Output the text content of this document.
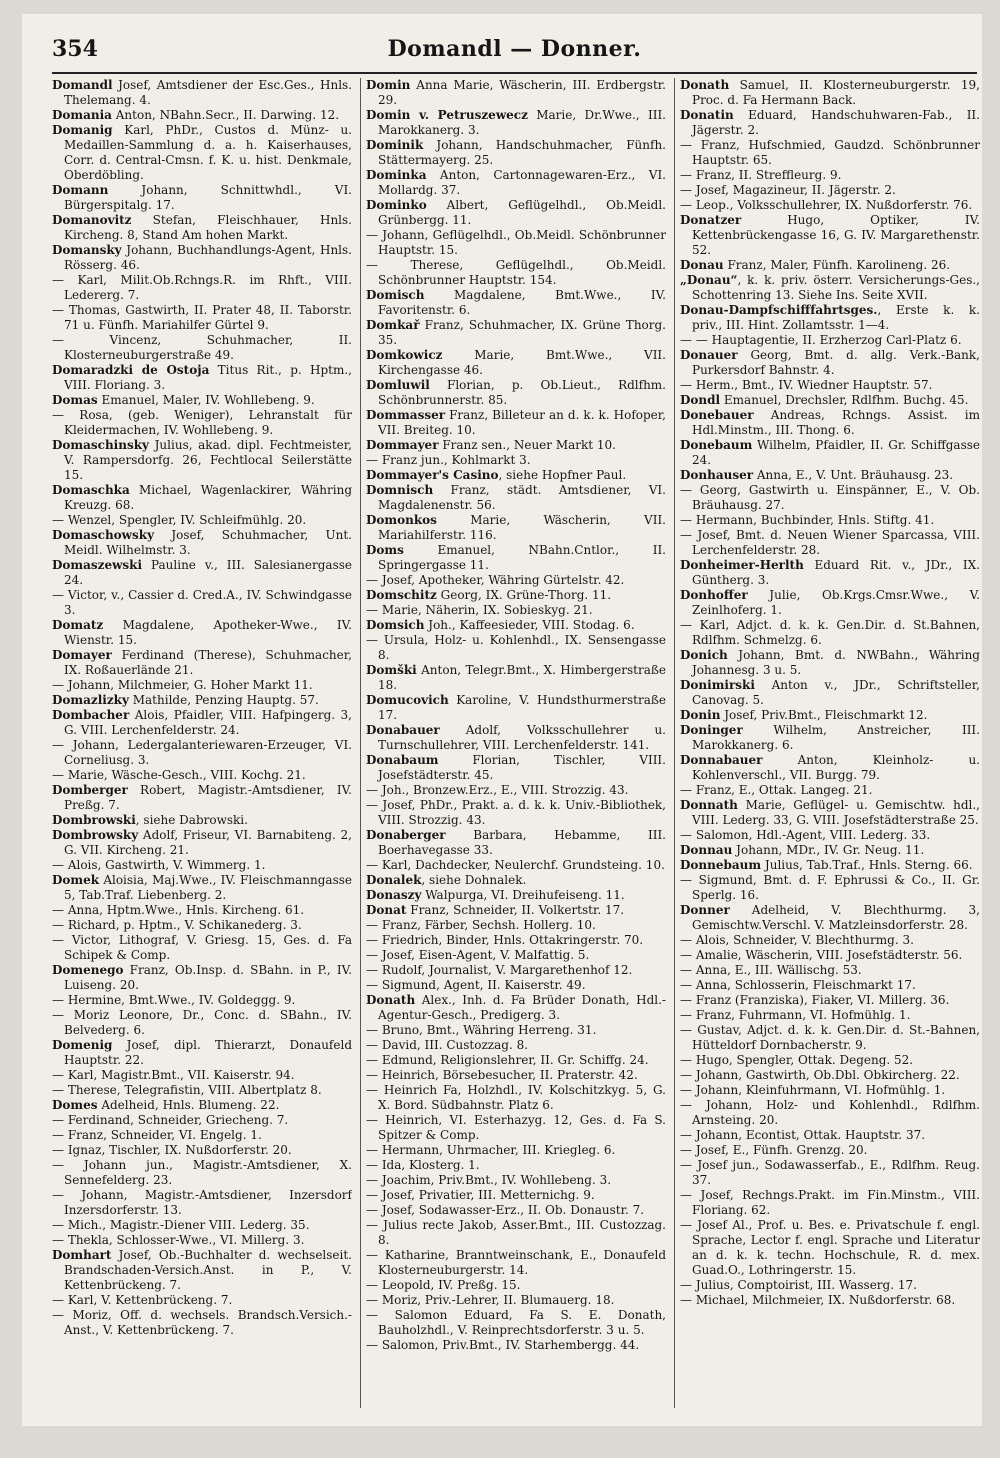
354	Domandl — Donner.

Domandl Josef, Amtsdiener der Esc.Ges., Hnls. Thelemang. 4.

Domania Anton, NBahn.Secr., II. Darwing. 12.

Domanig Karl, PhDr., Custos d. Münz- u. Medaillen-Sammlung d. a. h. Kaiserhauses, Corr. d. Central-Cmsn. f. K. u. hist. Denkmale, Oberdöbling.

Domann Johann, Schnittwhdl., VI. Bürgerspitalg. 17.

Domanovitz Stefan, Fleischhauer, Hnls. Kircheng. 8, Stand Am hohen Markt.

Domansky Johann, Buchhandlungs-Agent, Hnls. Rösserg. 46.

— Karl, Milit.Ob.Rchngs.R. im Rhft., VIII. Ledererg. 7.

— Thomas, Gastwirth, II. Prater 48, II. Taborstr. 71 u. Fünfh. Mariahilfer Gürtel 9.

— Vincenz, Schuhmacher, II. Klosterneuburgerstraße 49.

Domaradzki de Ostoja Titus Rit., p. Hptm., VIII. Floriang. 3.

Domas Emanuel, Maler, IV. Wohllebeng. 9.

— Rosa, (geb. Weniger), Lehranstalt für Kleidermachen, IV. Wohllebeng. 9.

Domaschinsky Julius, akad. dipl. Fechtmeister, V. Rampersdorfg. 26, Fechtlocal Seilerstätte 15.

Domaschka Michael, Wagenlackirer, Währing Kreuzg. 68.

— Wenzel, Spengler, IV. Schleifmühlg. 20.

Domaschowsky Josef, Schuhmacher, Unt. Meidl. Wilhelmstr. 3.

Domaszewski Pauline v., III. Salesianergasse 24.

— Victor, v., Cassier d. Cred.A., IV. Schwindgasse 3.

Domatz Magdalene, Apotheker-Wwe., IV. Wienstr. 15.

Domayer Ferdinand (Therese), Schuhmacher, IX. Roßauerlände 21.

— Johann, Milchmeier, G. Hoher Markt 11.

Domazlizky Mathilde, Penzing Hauptg. 57.

Dombacher Alois, Pfaidler, VIII. Hafpingerg. 3, G. VIII. Lerchenfelderstr. 24.

— Johann, Ledergalanteriewaren-Erzeuger, VI. Corneliusg. 3.

— Marie, Wäsche-Gesch., VIII. Kochg. 21.

Domberger Robert, Magistr.-Amtsdiener, IV. Preßg. 7.

Dombrowski, siehe Dabrowski.

Dombrowsky Adolf, Friseur, VI. Barnabiteng. 2, G. VII. Kircheng. 21.

— Alois, Gastwirth, V. Wimmerg. 1.

Domek Aloisia, Maj.Wwe., IV. Fleischmanngasse 5, Tab.Traf. Liebenberg. 2.

— Anna, Hptm.Wwe., Hnls. Kircheng. 61.

— Richard, p. Hptm., V. Schikanederg. 3.

— Victor, Lithograf, V. Griesg. 15, Ges. d. Fa Schipek & Comp.

Domenego Franz, Ob.Insp. d. SBahn. in P., IV. Luiseng. 20.

— Hermine, Bmt.Wwe., IV. Goldeggg. 9.

— Moriz Leonore, Dr., Conc. d. SBahn., IV. Belvederg. 6.

Domenig Josef, dipl. Thierarzt, Donaufeld Hauptstr. 22.

— Karl, Magistr.Bmt., VII. Kaiserstr. 94.

— Therese, Telegrafistin, VIII. Albertplatz 8.

Domes Adelheid, Hnls. Blumeng. 22.

— Ferdinand, Schneider, Griecheng. 7.

— Franz, Schneider, VI. Engelg. 1.

— Ignaz, Tischler, IX. Nußdorferstr. 20.

— Johann jun., Magistr.-Amtsdiener, X. Sennefelderg. 23.

— Johann, Magistr.-Amtsdiener, Inzersdorf Inzersdorferstr. 13.

— Mich., Magistr.-Diener VIII. Lederg. 35.

— Thekla, Schlosser-Wwe., VI. Millerg. 3.

Domhart Josef, Ob.-Buchhalter d. wechselseit. Brandschaden-Versich.Anst. in P., V. Kettenbrückeng. 7.

— Karl, V. Kettenbrückeng. 7.

— Moriz, Off. d. wechsels. Brandsch.Versich.-Anst., V. Kettenbrückeng. 7.

Domin Anna Marie, Wäscherin, III. Erdbergstr. 29.

Domin v. Petruszewecz Marie, Dr.Wwe., III. Marokkanerg. 3.

Dominik Johann, Handschuhmacher, Fünfh. Stättermayerg. 25.

Dominka Anton, Cartonnagewaren-Erz., VI. Mollardg. 37.

Dominko Albert, Geflügelhdl., Ob.Meidl. Grünbergg. 11.

— Johann, Geflügelhdl., Ob.Meidl. Schönbrunner Hauptstr. 15.

— Therese, Geflügelhdl., Ob.Meidl. Schönbrunner Hauptstr. 154.

Domisch Magdalene, Bmt.Wwe., IV. Favoritenstr. 6.

Domkař Franz, Schuhmacher, IX. Grüne Thorg. 35.

Domkowicz Marie, Bmt.Wwe., VII. Kirchengasse 46.

Domluwil Florian, p. Ob.Lieut., Rdlfhm. Schönbrunnerstr. 85.

Dommasser Franz, Billeteur an d. k. k. Hofoper, VII. Breiteg. 10.

Dommayer Franz sen., Neuer Markt 10.

— Franz jun., Kohlmarkt 3.

Dommayer's Casino, siehe Hopfner Paul.

Domnisch Franz, städt. Amtsdiener, VI. Magdalenenstr. 56.

Domonkos Marie, Wäscherin, VII. Mariahilferstr. 116.

Doms Emanuel, NBahn.Cntlor., II. Springergasse 11.

— Josef, Apotheker, Währing Gürtelstr. 42.

Domschitz Georg, IX. Grüne-Thorg. 11.

— Marie, Näherin, IX. Sobieskyg. 21.

Domsich Joh., Kaffeesieder, VIII. Stodag. 6.

— Ursula, Holz- u. Kohlenhdl., IX. Sensengasse 8.

Domški Anton, Telegr.Bmt., X. Himbergerstraße 18.

Domucovich Karoline, V. Hundsthurmerstraße 17.

Donabauer Adolf, Volksschullehrer u. Turnschullehrer, VIII. Lerchenfelderstr. 141.

Donabaum Florian, Tischler, VIII. Josefstädterstr. 45.

— Joh., Bronzew.Erz., E., VIII. Strozzig. 43.

— Josef, PhDr., Prakt. a. d. k. k. Univ.-Bibliothek, VIII. Strozzig. 43.

Donaberger Barbara, Hebamme, III. Boerhavegasse 33.

— Karl, Dachdecker, Neulerchf. Grundsteing. 10.

Donalek, siehe Dohnalek.

Donaszy Walpurga, VI. Dreihufeiseng. 11.

Donat Franz, Schneider, II. Volkertstr. 17.

— Franz, Färber, Sechsh. Hollerg. 10.

— Friedrich, Binder, Hnls. Ottakringerstr. 70.

— Josef, Eisen-Agent, V. Malfattig. 5.

— Rudolf, Journalist, V. Margarethenhof 12.

— Sigmund, Agent, II. Kaiserstr. 49.

Donath Alex., Inh. d. Fa Brüder Donath, Hdl.-Agentur-Gesch., Predigerg. 3.

— Bruno, Bmt., Währing Herreng. 31.

— David, III. Custozzag. 8.

— Edmund, Religionslehrer, II. Gr. Schiffg. 24.

— Heinrich, Börsebesucher, II. Praterstr. 42.

— Heinrich Fa, Holzhdl., IV. Kolschitzkyg. 5, G. X. Bord. Südbahnstr. Platz 6.

— Heinrich, VI. Esterhazyg. 12, Ges. d. Fa S. Spitzer & Comp.

— Hermann, Uhrmacher, III. Kriegleg. 6.

— Ida, Klosterg. 1.

— Joachim, Priv.Bmt., IV. Wohllebeng. 3.

— Josef, Privatier, III. Metternichg. 9.

— Josef, Sodawasser-Erz., II. Ob. Donaustr. 7.

— Julius recte Jakob, Asser.Bmt., III. Custozzag. 8.

— Katharine, Branntweinschank, E., Donaufeld Klosterneuburgerstr. 14.

— Leopold, IV. Preßg. 15.

— Moriz, Priv.-Lehrer, II. Blumauerg. 18.

— Salomon Eduard, Fa S. E. Donath, Bauholzhdl., V. Reinprechtsdorferstr. 3 u. 5.

— Salomon, Priv.Bmt., IV. Starhembergg. 44.

Donath Samuel, II. Klosterneuburgerstr. 19, Proc. d. Fa Hermann Back.

Donatin Eduard, Handschuhwaren-Fab., II. Jägerstr. 2.

— Franz, Hufschmied, Gaudzd. Schönbrunner Hauptstr. 65.

— Franz, II. Streffleurg. 9.

— Josef, Magazineur, II. Jägerstr. 2.

— Leop., Volksschullehrer, IX. Nußdorferstr. 76.

Donatzer Hugo, Optiker, IV. Kettenbrückengasse 16, G. IV. Margarethenstr. 52.

Donau Franz, Maler, Fünfh. Karolineng. 26.

„Donau“, k. k. priv. österr. Versicherungs-Ges., Schottenring 13. Siehe Ins. Seite XVII.

Donau-Dampfschifffahrtsges., Erste k. k. priv., III. Hint. Zollamtsstr. 1—4.

— — Hauptagentie, II. Erzherzog Carl-Platz 6.

Donauer Georg, Bmt. d. allg. Verk.-Bank, Purkersdorf Bahnstr. 4.

— Herm., Bmt., IV. Wiedner Hauptstr. 57.

Dondl Emanuel, Drechsler, Rdlfhm. Buchg. 45.

Donebauer Andreas, Rchngs. Assist. im Hdl.Minstm., III. Thong. 6.

Donebaum Wilhelm, Pfaidler, II. Gr. Schiffgasse 24.

Donhauser Anna, E., V. Unt. Bräuhausg. 23.

— Georg, Gastwirth u. Einspänner, E., V. Ob. Bräuhausg. 27.

— Hermann, Buchbinder, Hnls. Stiftg. 41.

— Josef, Bmt. d. Neuen Wiener Sparcassa, VIII. Lerchenfelderstr. 28.

Donheimer-Herlth Eduard Rit. v., JDr., IX. Güntherg. 3.

Donhoffer Julie, Ob.Krgs.Cmsr.Wwe., V. Zeinlhoferg. 1.

— Karl, Adjct. d. k. k. Gen.Dir. d. St.Bahnen, Rdlfhm. Schmelzg. 6.

Donich Johann, Bmt. d. NWBahn., Währing Johannesg. 3 u. 5.

Donimirski Anton v., JDr., Schriftsteller, Canovag. 5.

Donin Josef, Priv.Bmt., Fleischmarkt 12.

Doninger Wilhelm, Anstreicher, III. Marokkanerg. 6.

Donnabauer Anton, Kleinholz- u. Kohlenverschl., VII. Burgg. 79.

— Franz, E., Ottak. Langeg. 21.

Donnath Marie, Geflügel- u. Gemischtw. hdl., VIII. Lederg. 33, G. VIII. Josefstädterstraße 25.

— Salomon, Hdl.-Agent, VIII. Lederg. 33.

Donnau Johann, MDr., IV. Gr. Neug. 11.

Donnebaum Julius, Tab.Traf., Hnls. Sterng. 66.

— Sigmund, Bmt. d. F. Ephrussi & Co., II. Gr. Sperlg. 16.

Donner Adelheid, V. Blechthurmg. 3, Gemischtw.Verschl. V. Matzleinsdorferstr. 28.

— Alois, Schneider, V. Blechthurmg. 3.

— Amalie, Wäscherin, VIII. Josefstädterstr. 56.

— Anna, E., III. Wällischg. 53.

— Anna, Schlosserin, Fleischmarkt 17.

— Franz (Franziska), Fiaker, VI. Millerg. 36.

— Franz, Fuhrmann, VI. Hofmühlg. 1.

— Gustav, Adjct. d. k. k. Gen.Dir. d. St.-Bahnen, Hütteldorf Dornbacherstr. 9.

— Hugo, Spengler, Ottak. Degeng. 52.

— Johann, Gastwirth, Ob.Dbl. Obkircherg. 22.

— Johann, Kleinfuhrmann, VI. Hofmühlg. 1.

— Johann, Holz- und Kohlenhdl., Rdlfhm. Arnsteing. 20.

— Johann, Econtist, Ottak. Hauptstr. 37.

— Josef, E., Fünfh. Grenzg. 20.

— Josef jun., Sodawasserfab., E., Rdlfhm. Reug. 37.

— Josef, Rechngs.Prakt. im Fin.Minstm., VIII. Floriang. 62.

— Josef Al., Prof. u. Bes. e. Privatschule f. engl. Sprache, Lector f. engl. Sprache und Literatur an d. k. k. techn. Hochschule, R. d. mex. Guad.O., Lothringerstr. 15.

— Julius, Comptoirist, III. Wasserg. 17.

— Michael, Milchmeier, IX. Nußdorferstr. 68.
